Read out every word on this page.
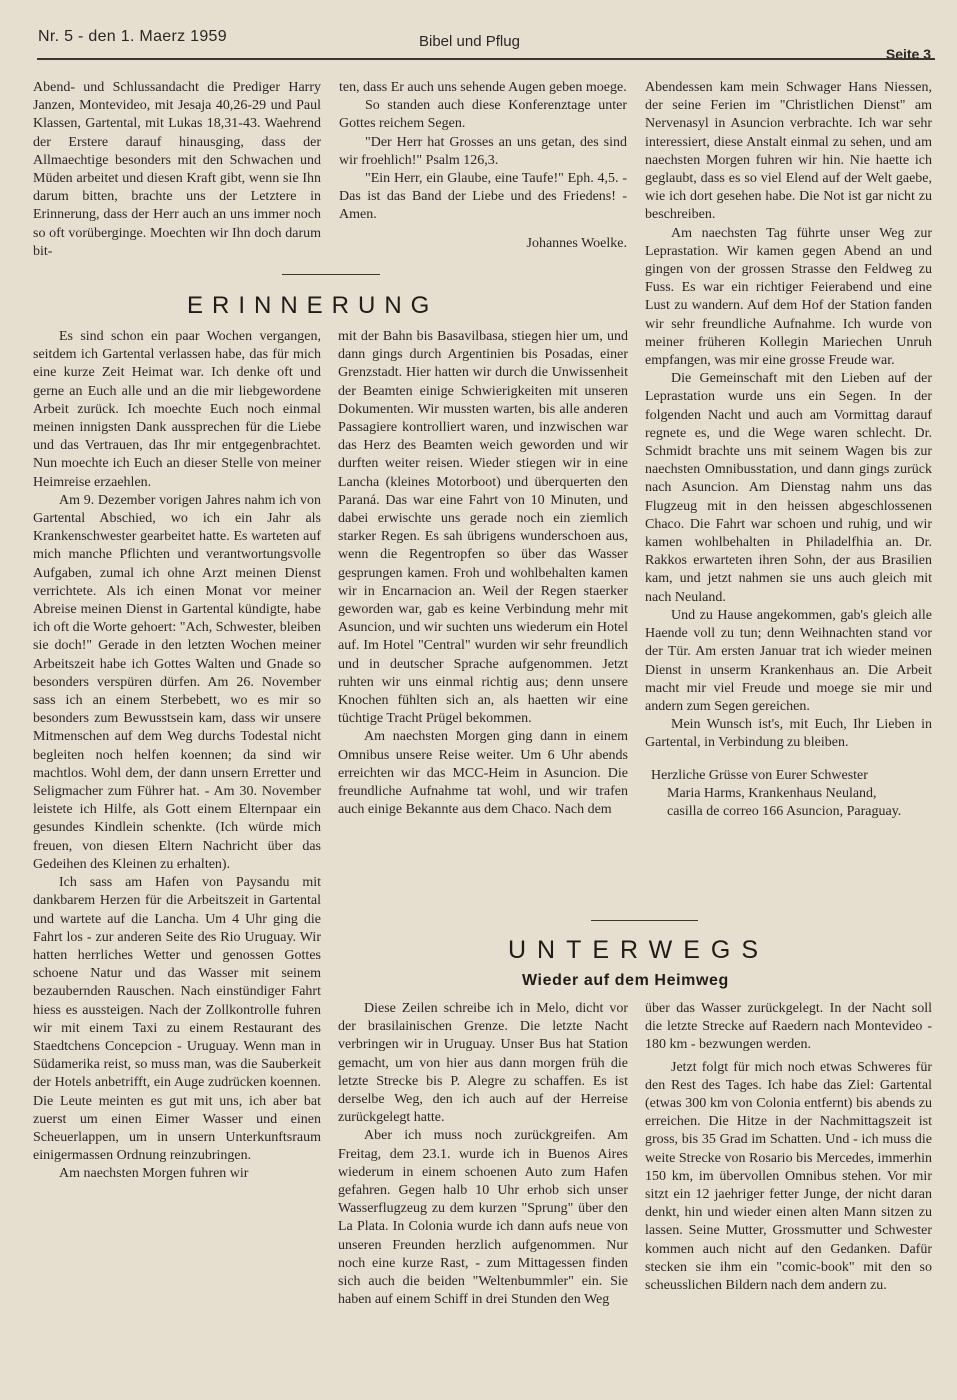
Nr. 5 - den 1. Maerz 1959	Bibel und Pflug
Seite 3

Abend- und Schlussandacht die Prediger Harry Janzen, Montevideo, mit Jesaja 40,26-29 und Paul Klassen, Gartental, mit Lukas 18,31-43. Waehrend der Erstere darauf hinausging, dass der Allmaechtige besonders mit den Schwachen und Müden arbeitet und diesen Kraft gibt, wenn sie Ihn darum bitten, brachte uns der Letztere in Erinnerung, dass der Herr auch an uns immer noch so oft vorüberginge. Moechten wir Ihn doch darum bit-

ten, dass Er auch uns sehende Augen geben moege.

So standen auch diese Konferenztage unter Gottes reichem Segen.

"Der Herr hat Grosses an uns getan, des sind wir froehlich!" Psalm 126,3.

"Ein Herr, ein Glaube, eine Taufe!" Eph. 4,5. - Das ist das Band der Liebe und des Friedens! - Amen.

Johannes Woelke.

ERINNERUNG

Es sind schon ein paar Wochen vergangen, seitdem ich Gartental verlassen habe, das für mich eine kurze Zeit Heimat war. Ich denke oft und gerne an Euch alle und an die mir liebgewordene Arbeit zurück. Ich moechte Euch noch einmal meinen innigsten Dank aussprechen für die Liebe und das Vertrauen, das Ihr mir entgegenbrachtet. Nun moechte ich Euch an dieser Stelle von meiner Heimreise erzaehlen.

Am 9. Dezember vorigen Jahres nahm ich von Gartental Abschied, wo ich ein Jahr als Krankenschwester gearbeitet hatte. Es warteten auf mich manche Pflichten und verantwortungsvolle Aufgaben, zumal ich ohne Arzt meinen Dienst verrichtete. Als ich einen Monat vor meiner Abreise meinen Dienst in Gartental kündigte, habe ich oft die Worte gehoert: "Ach, Schwester, bleiben sie doch!" Gerade in den letzten Wochen meiner Arbeitszeit habe ich Gottes Walten und Gnade so besonders verspüren dürfen. Am 26. November sass ich an einem Sterbebett, wo es mir so besonders zum Bewusstsein kam, dass wir unsere Mitmenschen auf dem Weg durchs Todestal nicht begleiten noch helfen koennen; da sind wir machtlos. Wohl dem, der dann unsern Erretter und Seligmacher zum Führer hat. - Am 30. November leistete ich Hilfe, als Gott einem Elternpaar ein gesundes Kindlein schenkte. (Ich würde mich freuen, von diesen Eltern Nachricht über das Gedeihen des Kleinen zu erhalten).

Ich sass am Hafen von Paysandu mit dankbarem Herzen für die Arbeitszeit in Gartental und wartete auf die Lancha. Um 4 Uhr ging die Fahrt los - zur anderen Seite des Rio Uruguay. Wir hatten herrliches Wetter und genossen Gottes schoene Natur und das Wasser mit seinem bezaubernden Rauschen. Nach einstündiger Fahrt hiess es aussteigen. Nach der Zollkontrolle fuhren wir mit einem Taxi zu einem Restaurant des Staedtchens Concepcion - Uruguay. Wenn man in Südamerika reist, so muss man, was die Sauberkeit der Hotels anbetrifft, ein Auge zudrücken koennen. Die Leute meinten es gut mit uns, ich aber bat zuerst um einen Eimer Wasser und einen Scheuerlappen, um in unsern Unterkunftsraum einigermassen Ordnung reinzubringen.

Am naechsten Morgen fuhren wir

mit der Bahn bis Basavilbasa, stiegen hier um, und dann gings durch Argentinien bis Posadas, einer Grenzstadt. Hier hatten wir durch die Unwissenheit der Beamten einige Schwierigkeiten mit unseren Dokumenten. Wir mussten warten, bis alle anderen Passagiere kontrolliert waren, und inzwischen war das Herz des Beamten weich geworden und wir durften weiter reisen. Wieder stiegen wir in eine Lancha (kleines Motorboot) und überquerten den Paraná. Das war eine Fahrt von 10 Minuten, und dabei erwischte uns gerade noch ein ziemlich starker Regen. Es sah übrigens wunderschoen aus, wenn die Regentropfen so über das Wasser gesprungen kamen. Froh und wohlbehalten kamen wir in Encarnacion an. Weil der Regen staerker geworden war, gab es keine Verbindung mehr mit Asuncion, und wir suchten uns wiederum ein Hotel auf. Im Hotel "Central" wurden wir sehr freundlich und in deutscher Sprache aufgenommen. Jetzt ruhten wir uns einmal richtig aus; denn unsere Knochen fühlten sich an, als haetten wir eine tüchtige Tracht Prügel bekommen.

Am naechsten Morgen ging dann in einem Omnibus unsere Reise weiter. Um 6 Uhr abends erreichten wir das MCC-Heim in Asuncion. Die freundliche Aufnahme tat wohl, und wir trafen auch einige Bekannte aus dem Chaco. Nach dem

Abendessen kam mein Schwager Hans Niessen, der seine Ferien im "Christlichen Dienst" am Nervenasyl in Asuncion verbrachte. Ich war sehr interessiert, diese Anstalt einmal zu sehen, und am naechsten Morgen fuhren wir hin. Nie haette ich geglaubt, dass es so viel Elend auf der Welt gaebe, wie ich dort gesehen habe. Die Not ist gar nicht zu beschreiben.

Am naechsten Tag führte unser Weg zur Leprastation. Wir kamen gegen Abend an und gingen von der grossen Strasse den Feldweg zu Fuss. Es war ein richtiger Feierabend und eine Lust zu wandern. Auf dem Hof der Station fanden wir sehr freundliche Aufnahme. Ich wurde von meiner früheren Kollegin Mariechen Unruh empfangen, was mir eine grosse Freude war.

Die Gemeinschaft mit den Lieben auf der Leprastation wurde uns ein Segen. In der folgenden Nacht und auch am Vormittag darauf regnete es, und die Wege waren schlecht. Dr. Schmidt brachte uns mit seinem Wagen bis zur naechsten Omnibusstation, und dann gings zurück nach Asuncion. Am Dienstag nahm uns das Flugzeug mit in den heissen abgeschlossenen Chaco. Die Fahrt war schoen und ruhig, und wir kamen wohlbehalten in Philadelfhia an. Dr. Rakkos erwarteten ihren Sohn, der aus Brasilien kam, und jetzt nahmen sie uns auch gleich mit nach Neuland.

Und zu Hause angekommen, gab's gleich alle Haende voll zu tun; denn Weihnachten stand vor der Tür. Am ersten Januar trat ich wieder meinen Dienst in unserm Krankenhaus an. Die Arbeit macht mir viel Freude und moege sie mir und andern zum Segen gereichen.

Mein Wunsch ist's, mit Euch, Ihr Lieben in Gartental, in Verbindung zu bleiben.

Herzliche Grüsse von Eurer Schwester

Maria Harms, Krankenhaus Neuland,

casilla de correo 166 Asuncion, Paraguay.

UNTERWEGS
Wieder auf dem Heimweg

Diese Zeilen schreibe ich in Melo, dicht vor der brasilainischen Grenze. Die letzte Nacht verbringen wir in Uruguay. Unser Bus hat Station gemacht, um von hier aus dann morgen früh die letzte Strecke bis P. Alegre zu schaffen. Es ist derselbe Weg, den ich auch auf der Herreise zurückgelegt hatte.

Aber ich muss noch zurückgreifen. Am Freitag, dem 23.1. wurde ich in Buenos Aires wiederum in einem schoenen Auto zum Hafen gefahren. Gegen halb 10 Uhr erhob sich unser Wasserflugzeug zu dem kurzen "Sprung" über den La Plata. In Colonia wurde ich dann aufs neue von unseren Freunden herzlich aufgenommen. Nur noch eine kurze Rast, - zum Mittagessen finden sich auch die beiden "Weltenbummler" ein. Sie haben auf einem Schiff in drei Stunden den Weg

über das Wasser zurückgelegt. In der Nacht soll die letzte Strecke auf Raedern nach Montevideo - 180 km - bezwungen werden.

Jetzt folgt für mich noch etwas Schweres für den Rest des Tages. Ich habe das Ziel: Gartental (etwas 300 km von Colonia entfernt) bis abends zu erreichen. Die Hitze in der Nachmittagszeit ist gross, bis 35 Grad im Schatten. Und - ich muss die weite Strecke von Rosario bis Mercedes, immerhin 150 km, im übervollen Omnibus stehen. Vor mir sitzt ein 12 jaehriger fetter Junge, der nicht daran denkt, hin und wieder einen alten Mann sitzen zu lassen. Seine Mutter, Grossmutter und Schwester kommen auch nicht auf den Gedanken. Dafür stecken sie ihm ein "comic-book" mit den so scheusslichen Bildern nach dem andern zu.
